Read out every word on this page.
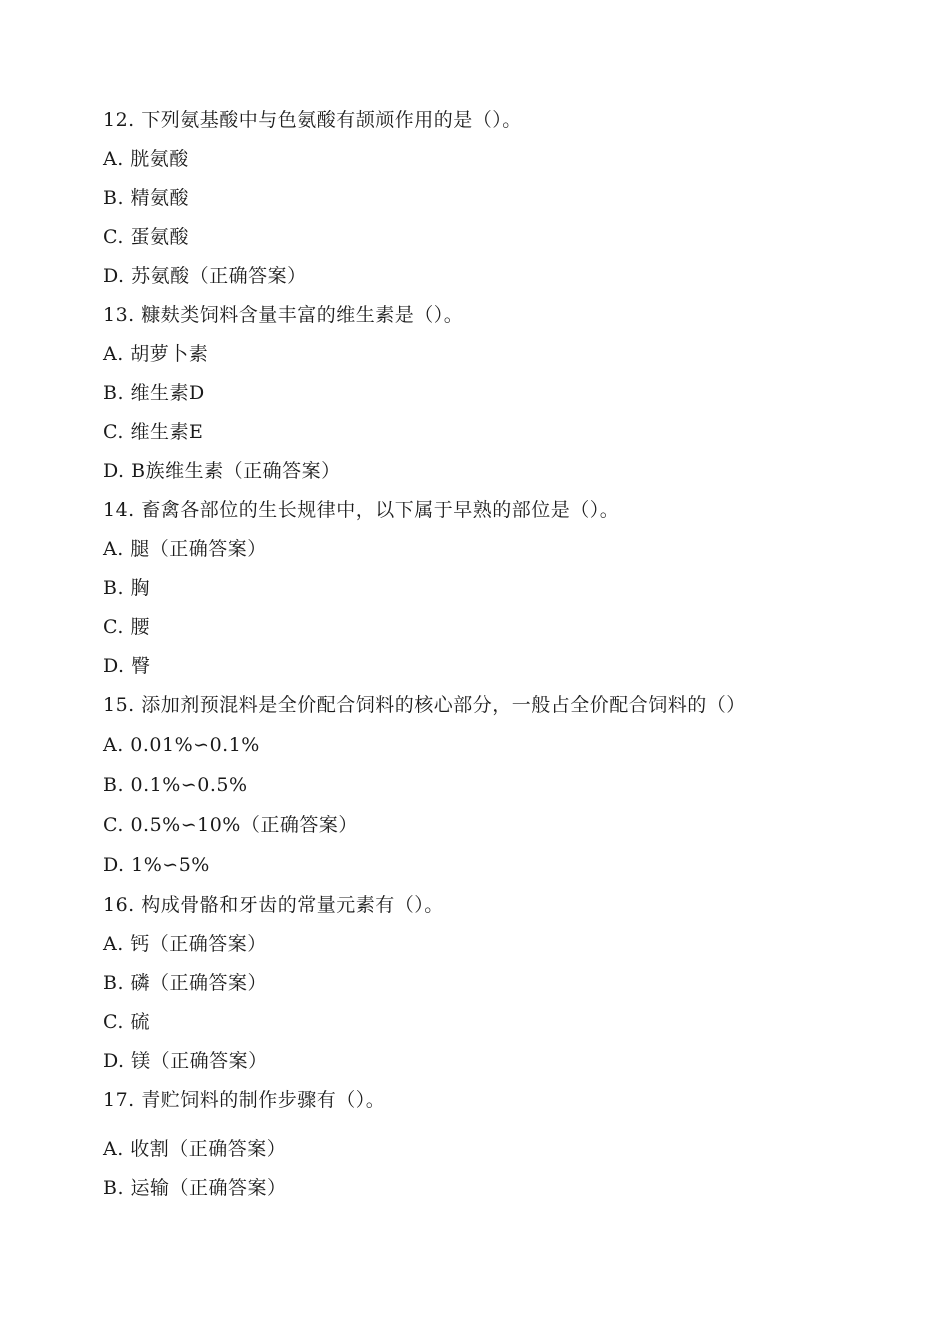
12. 下列氨基酸中与色氨酸有颉颃作用的是（）。
A. 胱氨酸
B. 精氨酸
C. 蛋氨酸
D. 苏氨酸（正确答案）
13. 糠麸类饲料含量丰富的维生素是（）。
A. 胡萝卜素
B. 维生素D
C. 维生素E
D. B族维生素（正确答案）
14. 畜禽各部位的生长规律中，以下属于早熟的部位是（）。
A. 腿（正确答案）
B. 胸
C. 腰
D. 臀
15. 添加剂预混料是全价配合饲料的核心部分，一般占全价配合饲料的（）
A. 0.01%∽0.1%
B. 0.1%∽0.5%
C. 0.5%∽10%（正确答案）
D. 1%∽5%
16. 构成骨骼和牙齿的常量元素有（）。
A. 钙（正确答案）
B. 磷（正确答案）
C. 硫
D. 镁（正确答案）
17. 青贮饲料的制作步骤有（）。
A. 收割（正确答案）
B. 运输（正确答案）
